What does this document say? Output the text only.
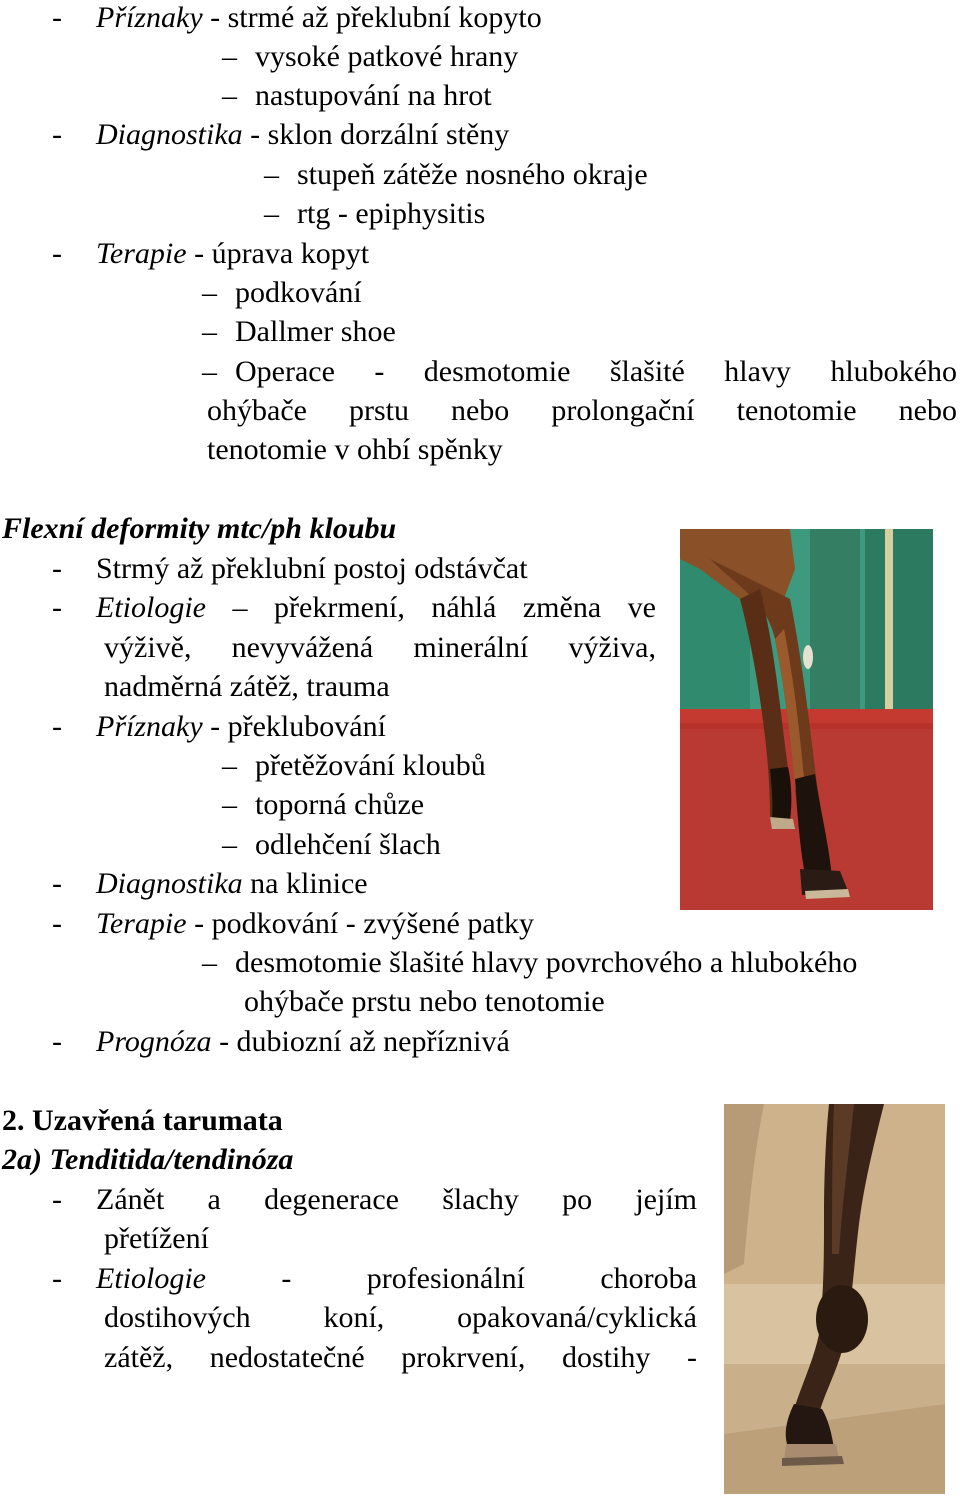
- Příznaky - strmé až překlubní kopyto
– vysoké patkové hrany
– nastupování na hrot
- Diagnostika - sklon dorzální stěny
– stupeň zátěže nosného okraje
– rtg - epiphysitis
- Terapie - úprava kopyt
– podkování
– Dallmer shoe
– Operace - desmotomie šlašité hlavy hlubokého
ohýbače prstu nebo prolongační tenotomie nebo
tenotomie v ohbí spěnky
Flexní deformity mtc/ph kloubu
- Strmý až překlubní postoj odstávčat
- Etiologie – překrmení, náhlá změna ve
výživě, nevyvážená minerální výživa,
nadměrná zátěž, trauma
- Příznaky - překlubování
– přetěžování kloubů
– toporná chůze
– odlehčení šlach
- Diagnostika na klinice
- Terapie - podkování - zvýšené patky
– desmotomie šlašité hlavy povrchového a hlubokého
ohýbače prstu nebo tenotomie
- Prognóza - dubiozní až nepříznivá
2. Uzavřená tarumata
2a) Tenditida/tendinóza
- Zánět a degenerace šlachy po jejím
přetížení
- Etiologie	-	profesionální	choroba
dostihových koní, opakovaná/cyklická
zátěž, nedostatečné prokrvení, dostihy -
